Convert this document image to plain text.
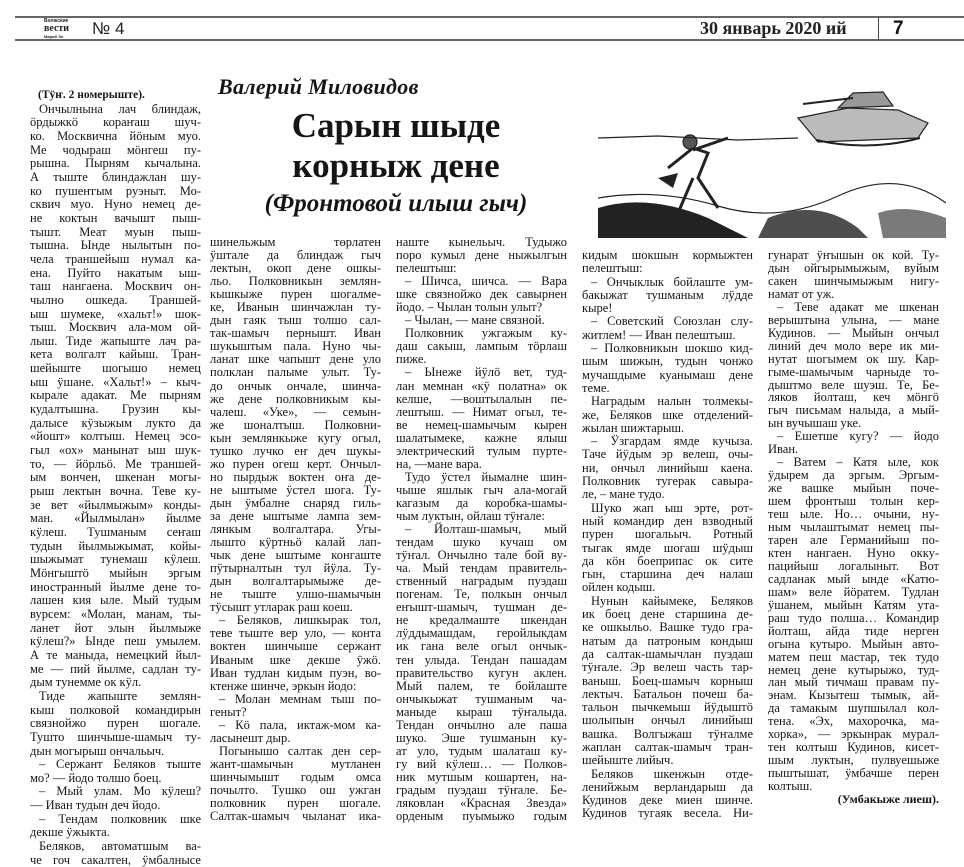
Волжские
вести
Марий Эл	№ 4	30 январь 2020 ий 7
Валерий Миловидов
Сарын шыде
корныж дене
(Фронтовой илыш гыч)
(Тӱҥ. 2 номерыште).
Ончылнына лач блиндаж,
ӧрдыжкӧ кораҥаш шуч-
ко. Москвична йӧным муо.
Ме чодыраш мӧнгеш пу-
рышна. Пырням кычалына.
А тыште блиндажлан шу-
ко пушеҥгым руэныт. Мо-
сквич муо. Нуно немец де-
не коктын вачышт пыш-
тышт. Меат муын пыш-
тышна. Ынде нылытын по-
чела траншейыш нумал ка-
ена. Пуйто накатым ыш-
таш нангаена. Москвич он-
чылно ошкеда. Траншей-
ыш шумеке, «хальт!» шок-
тыш. Москвич ала-мом ой-
лыш. Тиде жапыште лач ра-
кета волгалт кайыш. Тран-
шейыште шогышо немец
ыш ӱшане. «Хальт!» – кыч-
кырале адакат. Ме пырням
кудалтышна. Грузин кы-
далысе кӱзыжым лукто да
«йошт» колтыш. Немец эсо-
гыл «ох» манынат ыш шук-
то, — йӧрльӧ. Ме траншей-
ым вончен, шкенан могы-
рыш лектын вочна. Теве ку-
зе вет «йылмыжым» конды-
ман. «Йылмылан» йылме
кӱлеш. Тушманым сеҥаш
тудын йылмыжымат, койы-
шыжымат тунемаш кӱлеш.
Мӧнгыштӧ мыйын эргым
иностранный йылме дене то-
лашен кия ыле. Мый тудым
вурсем: «Молан, манам, ты-
ланет йот элын йылмыже
кӱлеш?» Ынде пеш умылем.
А те маныда, немецкий йыл-
ме — пий йылме, садлан ту-
дым тунемме ок кӱл.
Тиде жапыште землян-
кыш полковой командирын
связнойжо пурен шогале.
Тушто шинчыше-шамыч ту-
дын могырыш ончальыч.
– Сержант Беляков тыште
мо? — йодо толшо боец.
– Мый улам. Мо кӱлеш?
— Иван тудын деч йодо.
– Тендам полковник шке
декше ӱжыкта.
Беляков, автоматшым ва-
че гоч сакалтен, ӱмбалнысе
шинельжым төрлатен
ӱштале да блиндаж гыч
лектын, окоп дене ошкы-
льо. Полковникын землян-
кышкыже пурен шогалме-
ке, Иванын шинчажлан ту-
дын гаяк тыш толшо сал-
так-шамыч пернышт. Иван
шукыштым пала. Нуно чы-
ланат шке чапышт дене уло
полклан палыме улыт. Ту-
до ончык ончале, шинча-
же дене полковникым кы-
чалеш. «Уке», — семын-
же шоналтыш. Полковни-
кын землянкыже кугу огыл,
тушко лучко еҥ деч шукы-
жо пурен огеш керт. Ончыл-
но пырдыж воктен оҥа де-
не ыштыме ӱстел шога. Ту-
дын ӱмбалне снаряд гиль-
за дене ыштыме лампа зем-
лянкым волгалтара. Угы-
лышто кӱртньӧ калай лап-
чык дене ыштыме конгаште
пӱтырналтын тул йӱла. Ту-
дын волгалтарымыже де-
не тыште улшо-шамычын
тӱсышт утларак раш коеш.
– Беляков, лишкырак тол,
теве тыште вер уло, — конта
воктен шинчыше сержант
Иваным шке декше ӱжӧ.
Иван тудлан кидым пуэн, во-
ктенже шинче, эркын йодо:
– Молан мемнам тыш по-
геныт?
– Кӧ пала, иктаж-мом ка-
ласынешт дыр.
Погынышо салтак ден сер-
жант-шамычын мутланен
шинчымышт годым омса
почылто. Тушко ош ужган
полковник пурен шогале.
Салтак-шамыч чыланат ика-
наште кынельыч. Тудыжо
поро кумыл дене ныжылгын
пелештыш:
– Шичса, шичса. — Вара
шке связнойжо дек савырнен
йодо. – Чылан толын улыт?
– Чылан, — мане связной.
Полковник ужгажым ку-
даш сакыш, лампым тӧрлаш
пиже.
– Ынеже йӱлӧ вет, туд-
лан мемнан «кӱ полатна» ок
келше, —воштылалын пе-
лештыш. — Нимат огыл, те-
ве немец-шамычым кырен
шалатымеке, кажне ялыш
электрический тулым пурте-
на, —мане вара.
Тудо ӱстел йымалне шин-
чыше яшлык гыч ала-могай
кагазым да коробка-шамы-
чым луктын, ойлаш тӱҥале:
– Йолташ-шамыч, мый
тендам шуко кучаш ом
тӱҥал. Ончылно тале бой ву-
ча. Мый тендам правитель-
ственный наградым пуэдаш
погенам. Те, полкын ончыл
еҥышт-шамыч, тушман де-
не кредалмаште шкендан
лӱддымашдам, геройлыкдам
ик гана веле огыл ончык-
тен улыда. Тендан пашадам
правительство кугун аклен.
Мый палем, те бойлаште
ончыкыжат тушманым ча-
маныде кыраш тӱҥалыда.
Тендан ончылно але паша
шуко. Эше тушманын ку-
ат уло, тудым шалаташ ку-
гу вий кӱлеш… — Полков-
ник мутшым кошартен, на-
градым пуэдаш тӱҥале. Бе-
ляковлан «Красная Звезда»
орденым пуымыжо годым
кидым шокшын кормыжтен
пелештыш:
– Ончыклык бойлаште ум-
бакыжат тушманым лӱдде
кыре!
– Советский Союзлан слу-
житлем! — Иван пелештыш.
– Полковникын шокшо кид-
шым шижын, тудын чонжо
мучашдыме куанымаш дене
теме.
Наградым налын толмекы-
же, Беляков шке отделений-
жылан шижтарыш.
– Ӱзгардам ямде кучыза.
Таче йӱдым эр велеш, очы-
ни, ончыл линийыш каена.
Полковник тугерак савыра-
ле, – мане тудо.
Шуко жап ыш эрте, рот-
ный командир ден взводный
пурен шогальыч. Ротный
тыгак ямде шогаш шӱдыш
да кӧн боеприпас ок сите
гын, старшина деч налаш
ойлен кодыш.
Нунын кайымеке, Беляков
ик боец дене старшина де-
ке ошкыльо. Вашке тудо гра-
натым да патроным кондыш
да салтак-шамычлан пуэдаш
тӱҥале. Эр велеш часть тар-
ваныш. Боец-шамыч корныш
лектыч. Батальон почеш ба-
тальон пычкемыш йӱдыштӧ
шолыпын ончыл линийыш
вашка. Волгыжаш тӱҥалме
жаплан салтак-шамыч тран-
шейыште лийыч.
Беляков шкенжын отде-
ленийжым верландарыш да
Кудинов деке миен шинче.
Кудинов тугаяк весела. Ни-
гунарат ӱҥышын ок кой. Ту-
дын ойгырымыжым, вуйым
сакен шинчымыжым нигу-
намат от уж.
– Теве адакат ме шкенан
верыштына улына, — мане
Кудинов. — Мыйын ончыл
линий деч моло вере ик ми-
нутат шогымем ок шу. Кар-
гыме-шамычым чарныде то-
дыштмо веле шуэш. Те, Бе-
ляков йолташ, кеч мӧнгӧ
гыч письмам налыда, а мый-
ын вучышаш уке.
– Ешетше кугу? — йодо
Иван.
– Ватем – Катя ыле, кок
ӱдырем да эргым. Эргым-
же вашке мыйын поче-
шем фронтыш толын кер-
теш ыле. Но… очыни, ну-
ным чылаштымат немец пы-
тарен але Германийыш по-
ктен нангаен. Нуно окку-
пацийыш логалыныт. Вот
садланак мый ынде «Катю-
шам» веле йӧратем. Тудлан
ӱшанем, мыйын Катям ута-
раш тудо полша… Командир
йолташ, айда тиде нерген
огына кутыро. Мыйын авто-
матем пеш мастар, тек тудо
немец дене кутырыжо, туд-
лан мый тичмаш правам пу-
энам. Кызытеш тымык, ай-
да тамакым шупшылал кол-
тена. «Эх, махорочка, ма-
хорка», — эркынрак мурал-
тен колтыш Кудинов, кисет-
шым луктын, пулвуешыже
пыштышат, ӱмбачше перен
колтыш.
(Умбакыже лиеш).
